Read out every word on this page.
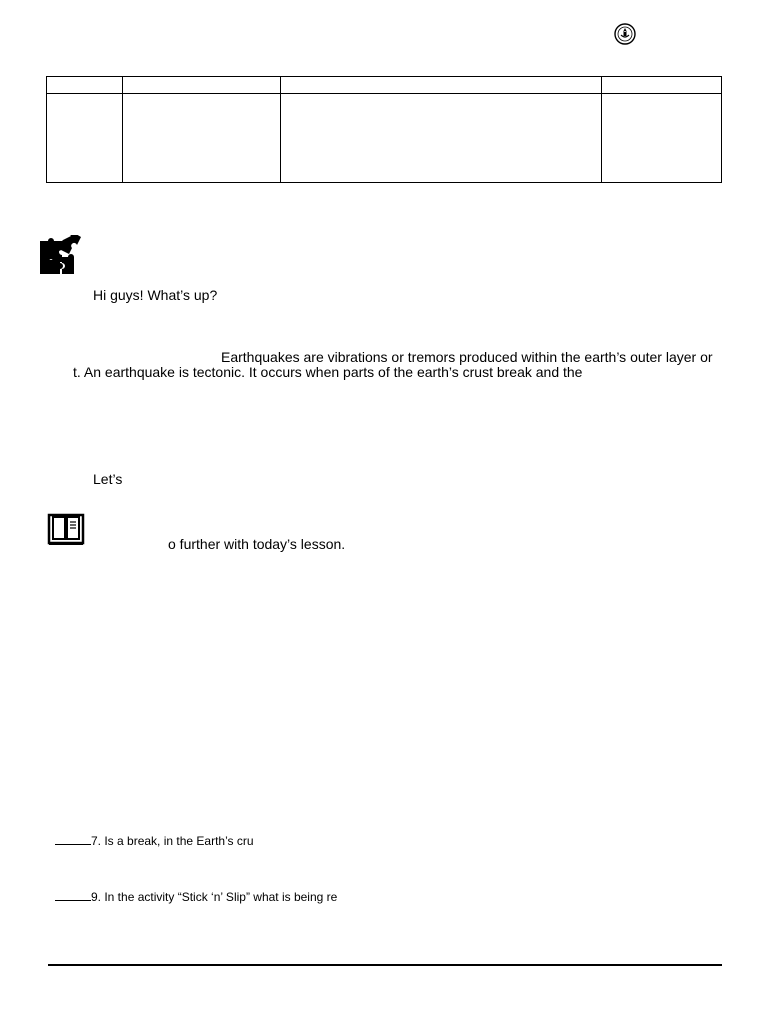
Hi guys! What’s up?
Earthquakes are vibrations or tremors produced within the earth’s outer layer or
t. An earthquake is tectonic. It occurs when parts of the earth’s crust break and the
Let’s
o further with today’s lesson.
7. Is a break, in the Earth’s cru
9. In the activity “Stick ‘n’ Slip” what is being re
